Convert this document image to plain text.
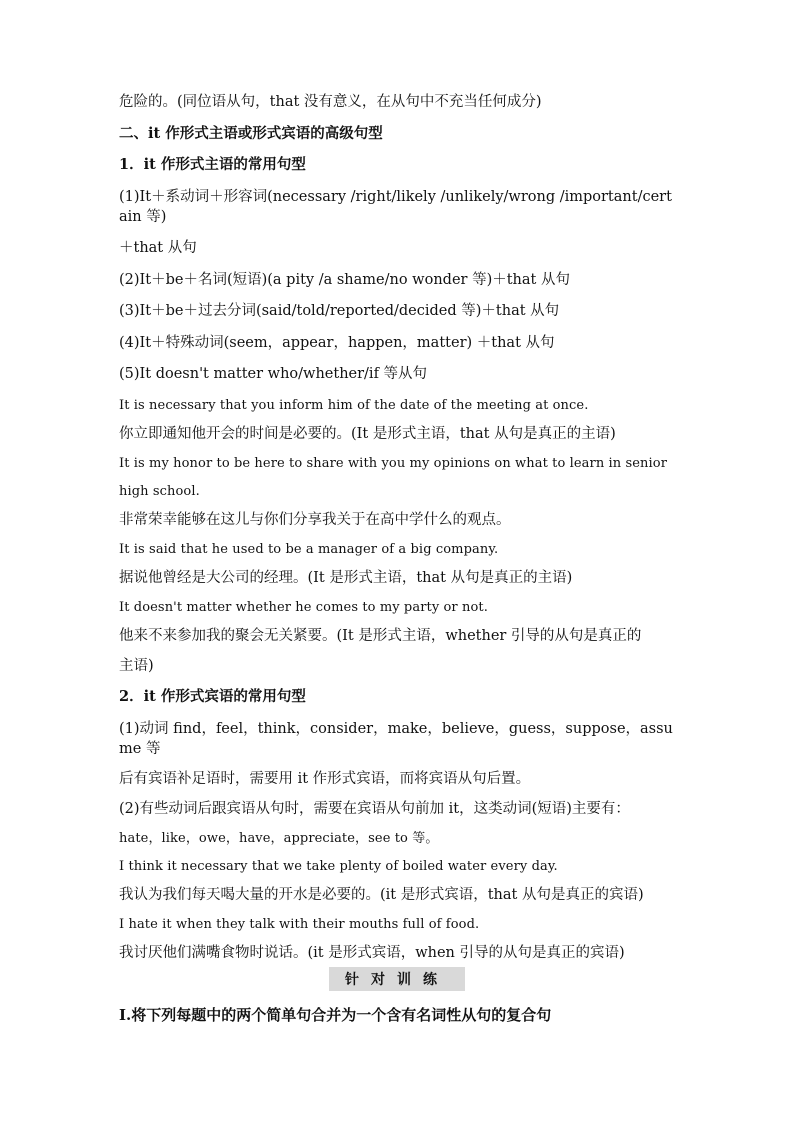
危险的。(同位语从句，that 没有意义，在从句中不充当任何成分)

二、it 作形式主语或形式宾语的高级句型

1．it 作形式主语的常用句型

(1)It＋系动词＋形容词(necessary /right/likely /unlikely/wrong /important/certain 等)

＋that 从句

(2)It＋be＋名词(短语)(a pity /a shame/no wonder 等)＋that 从句

(3)It＋be＋过去分词(said/told/reported/decided 等)＋that 从句

(4)It＋特殊动词(seem，appear，happen，matter) ＋that 从句

(5)It doesn't matter who/whether/if 等从句

It is necessary that you inform him of the date of the meeting at once.

你立即通知他开会的时间是必要的。(It 是形式主语，that 从句是真正的主语)

It is my honor to be here to share with you my opinions on what to learn in senior

high school.

非常荣幸能够在这儿与你们分享我关于在高中学什么的观点。

It is said that he used to be a manager of a big company.

据说他曾经是大公司的经理。(It 是形式主语，that 从句是真正的主语)

It doesn't matter whether he comes to my party or not.

他来不来参加我的聚会无关紧要。(It 是形式主语，whether 引导的从句是真正的

主语)

2．it 作形式宾语的常用句型

(1)动词 find，feel，think，consider，make，believe，guess，suppose，assume 等

后有宾语补足语时，需要用 it 作形式宾语，而将宾语从句后置。

(2)有些动词后跟宾语从句时，需要在宾语从句前加 it，这类动词(短语)主要有：

hate，like，owe，have，appreciate，see to 等。

I think it necessary that we take plenty of boiled water every day.

我认为我们每天喝大量的开水是必要的。(it 是形式宾语，that 从句是真正的宾语)

I hate it when they talk with their mouths full of food.

我讨厌他们满嘴食物时说话。(it 是形式宾语，when 引导的从句是真正的宾语)

针对训练

Ⅰ.将下列每题中的两个简单句合并为一个含有名词性从句的复合句
